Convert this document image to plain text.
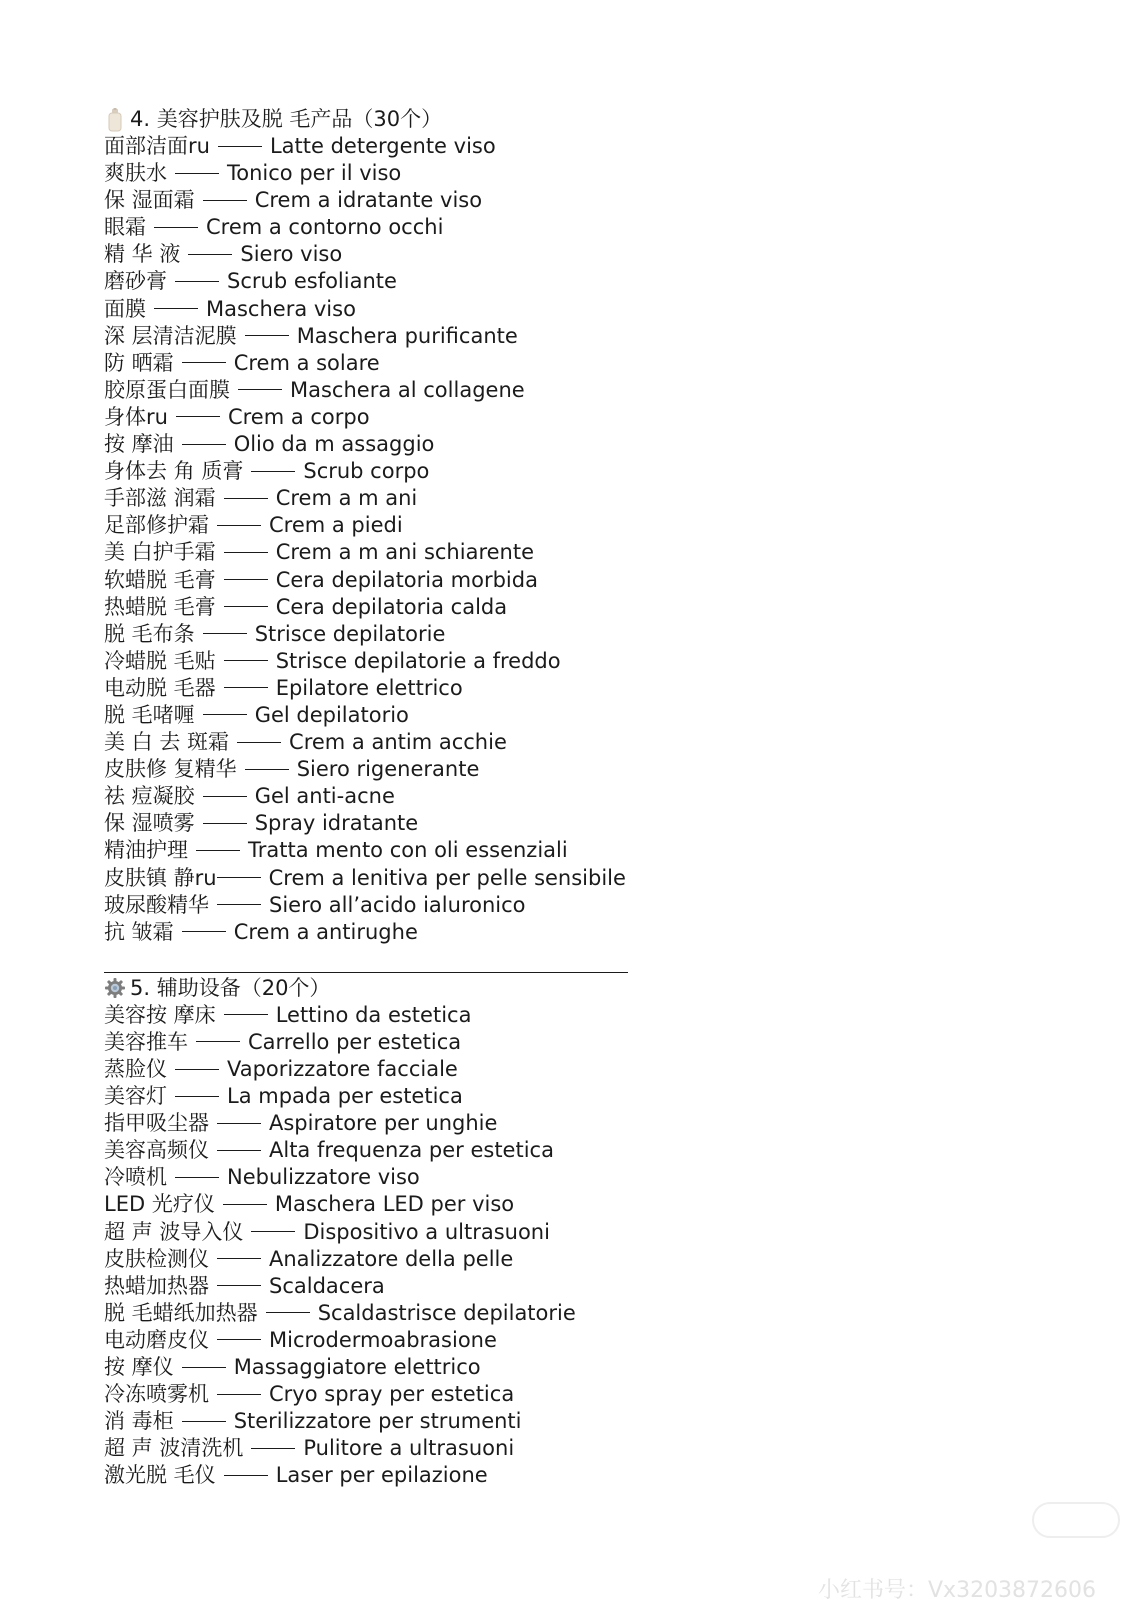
4. 美容护肤及脱 毛产品（30个）
面部洁面ru	Latte detergente viso
爽肤水	Tonico per il viso
保 湿面霜	Crem a idratante viso
眼霜	Crem a contorno occhi
精 华 液	Siero viso
磨砂膏	Scrub esfoliante
面膜	Maschera viso
深 层清洁泥膜	Maschera purificante
防 晒霜	Crem a solare
胶原蛋白面膜	Maschera al collagene
身体ru	Crem a corpo
按 摩油	Olio da m assaggio
身体去 角 质膏	Scrub corpo
手部滋 润霜	Crem a m ani
足部修护霜	Crem a piedi
美 白护手霜	Crem a m ani schiarente
软蜡脱 毛膏	Cera depilatoria morbida
热蜡脱 毛膏	Cera depilatoria calda
脱 毛布条	Strisce depilatorie
冷蜡脱 毛贴	Strisce depilatorie a freddo
电动脱 毛器	Epilatore elettrico
脱 毛啫喱	Gel depilatorio
美 白 去 斑霜	Crem a antim acchie
皮肤修 复精华	Siero rigenerante
祛 痘凝胶	Gel anti-acne
保 湿喷雾	Spray idratante
精油护理	Tratta mento con oli essenziali
皮肤镇 静ru Crem a lenitiva per pelle sensibile
玻尿酸精华	Siero all’acido ialuronico
抗 皱霜	Crem a antirughe
5. 辅助设备（20个）
美容按 摩床	Lettino da estetica
美容推车	Carrello per estetica
蒸脸仪	Vaporizzatore facciale
美容灯	La mpada per estetica
指甲吸尘器	Aspiratore per unghie
美容高频仪	Alta frequenza per estetica
冷喷机	Nebulizzatore viso
LED 光疗仪	Maschera LED per viso
超 声 波导入仪	Dispositivo a ultrasuoni
皮肤检测仪	Analizzatore della pelle
热蜡加热器	Scaldacera
脱 毛蜡纸加热器	Scaldastrisce depilatorie
电动磨皮仪	Microdermoabrasione
按 摩仪	Massaggiatore elettrico
冷冻喷雾机	Cryo spray per estetica
消 毒柜	Sterilizzatore per strumenti
超 声 波清洗机	Pulitore a ultrasuoni
激光脱 毛仪	Laser per epilazione
小红书号：Vx3203872606
